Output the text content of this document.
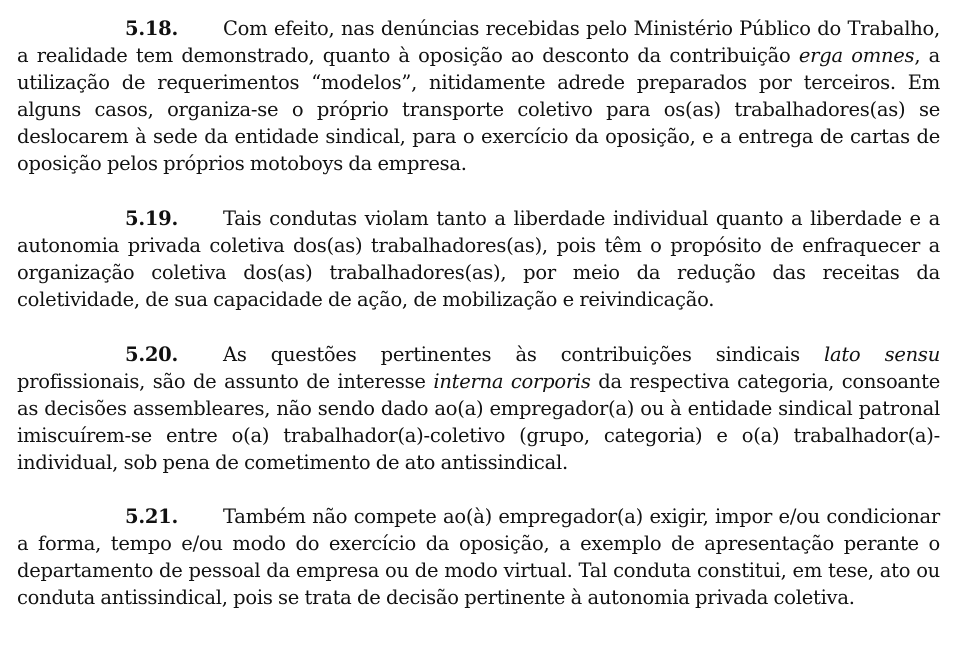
5.18. Com efeito, nas denúncias recebidas pelo Ministério Público do Trabalho, a realidade tem demonstrado, quanto à oposição ao desconto da contribuição erga omnes, a utilização de requerimentos “modelos”, nitidamente adrede preparados por terceiros. Em alguns casos, organiza-se o próprio transporte coletivo para os(as) trabalhadores(as) se deslocarem à sede da entidade sindical, para o exercício da oposição, e a entrega de cartas de oposição pelos próprios motoboys da empresa.

5.19. Tais condutas violam tanto a liberdade individual quanto a liberdade e a autonomia privada coletiva dos(as) trabalhadores(as), pois têm o propósito de enfraquecer a organização coletiva dos(as) trabalhadores(as), por meio da redução das receitas da coletividade, de sua capacidade de ação, de mobilização e reivindicação.

5.20. As questões pertinentes às contribuições sindicais lato sensu profissionais, são de assunto de interesse interna corporis da respectiva categoria, consoante as decisões assembleares, não sendo dado ao(a) empregador(a) ou à entidade sindical patronal imiscuírem-se entre o(a) trabalhador(a)-coletivo (grupo, categoria) e o(a) trabalhador(a)-individual, sob pena de cometimento de ato antissindical.

5.21. Também não compete ao(à) empregador(a) exigir, impor e/ou condicionar a forma, tempo e/ou modo do exercício da oposição, a exemplo de apresentação perante o departamento de pessoal da empresa ou de modo virtual. Tal conduta constitui, em tese, ato ou conduta antissindical, pois se trata de decisão pertinente à autonomia privada coletiva.
